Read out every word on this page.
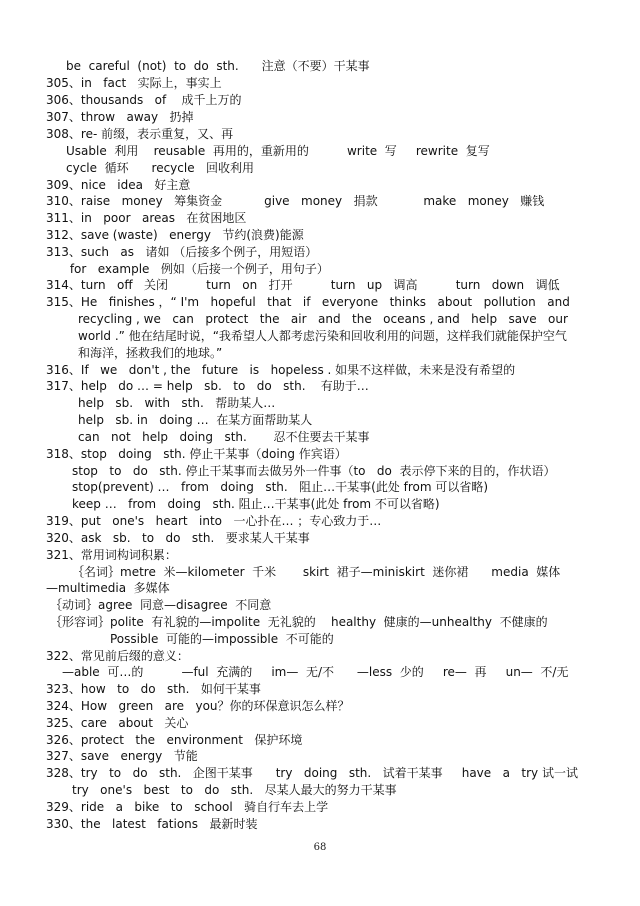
be  careful  (not)  to  do  sth.      注意（不要）干某事
305、in   fact   实际上，事实上
306、thousands   of    成千上万的
307、throw   away   扔掉
308、re- 前缀，表示重复，又、再
Usable  利用    reusable  再用的，重新用的          write  写     rewrite  复写
cycle  循环      recycle   回收利用
309、nice   idea   好主意
310、raise   money   筹集资金           give   money   捐款            make   money   赚钱
311、in   poor   areas   在贫困地区
312、save (waste)   energy   节约(浪费)能源
313、such   as   诸如 （后接多个例子，用短语）
for   example   例如（后接一个例子，用句子）
314、turn   off   关闭          turn   on   打开          turn   up   调高          turn   down   调低
315、He   finishes ，“ I'm   hopeful   that   if   everyone   thinks   about   pollution   and
recycling , we   can   protect   the   air   and   the   oceans , and   help   save   our
world .” 他在结尾时说，“我希望人人都考虑污染和回收利用的问题，这样我们就能保护空气
和海洋，拯救我们的地球。”
316、If   we   don't , the   future   is   hopeless . 如果不这样做，未来是没有希望的
317、help   do … = help   sb.   to   do   sth.    有助于…
help   sb.   with   sth.   帮助某人…
help   sb. in   doing …  在某方面帮助某人
can   not   help   doing   sth.       忍不住要去干某事
318、stop   doing   sth. 停止干某事（doing 作宾语）
stop   to   do   sth. 停止干某事而去做另外一件事（to   do  表示停下来的目的，作状语）
stop(prevent) …   from   doing   sth.   阻止…干某事(此处 from 可以省略)
keep …   from   doing   sth. 阻止…干某事(此处 from 不可以省略)
319、put   one's   heart   into   一心扑在… ；专心致力于…
320、ask   sb.   to   do   sth.   要求某人干某事
321、常用词构词积累：
｛名词｝metre  米—kilometer  千米       skirt  裙子—miniskirt  迷你裙      media  媒体
—multimedia  多媒体
｛动词｝agree  同意—disagree  不同意
｛形容词｝polite  有礼貌的—impolite  无礼貌的    healthy  健康的—unhealthy  不健康的
Possible  可能的—impossible  不可能的
322、常见前后缀的意义：
—able  可…的          —ful  充满的     im—  无/不      —less  少的     re—  再     un—  不/无
323、how   to   do   sth.   如何干某事
324、How   green   are   you？你的环保意识怎么样？
325、care   about   关心
326、protect   the   environment   保护环境
327、save   energy   节能
328、try   to   do   sth.   企图干某事      try   doing   sth.   试着干某事     have   a   try 试一试
try   one's   best   to   do   sth.   尽某人最大的努力干某事
329、ride   a   bike   to   school   骑自行车去上学
330、the   latest   fations   最新时装
68
